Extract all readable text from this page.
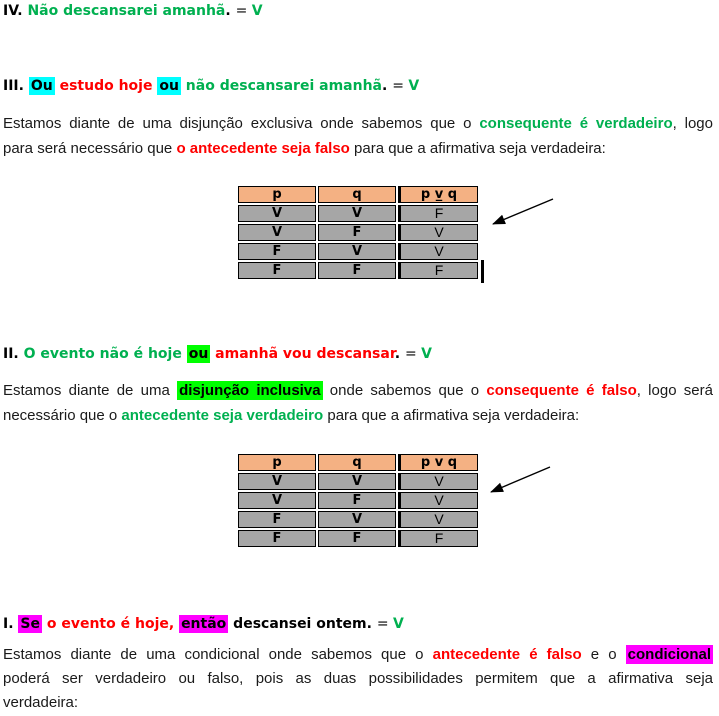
IV. Não descansarei amanhã. = V
III. Ou estudo hoje ou não descansarei amanhã. = V
Estamos diante de uma disjunção exclusiva onde sabemos que o consequente é verdadeiro, logo
para será necessário que o antecedente seja falso para que a afirmativa seja verdadeira:
p	q	p v̲ q
V	V	F
V	F	V
F	V	V
F	F	F
II. O evento não é hoje ou amanhã vou descansar. = V
Estamos diante de uma disjunção inclusiva onde sabemos que o consequente é falso, logo será
necessário que o antecedente seja verdadeiro para que a afirmativa seja verdadeira:
p	q	p v q
V	V	V
V	F	V
F	V	V
F	F	F
I. Se o evento é hoje, então descansei ontem. = V
Estamos diante de uma condicional onde sabemos que o antecedente é falso e o condicional
poderá ser verdadeiro ou falso, pois as duas possibilidades permitem que a afirmativa seja
verdadeira:
